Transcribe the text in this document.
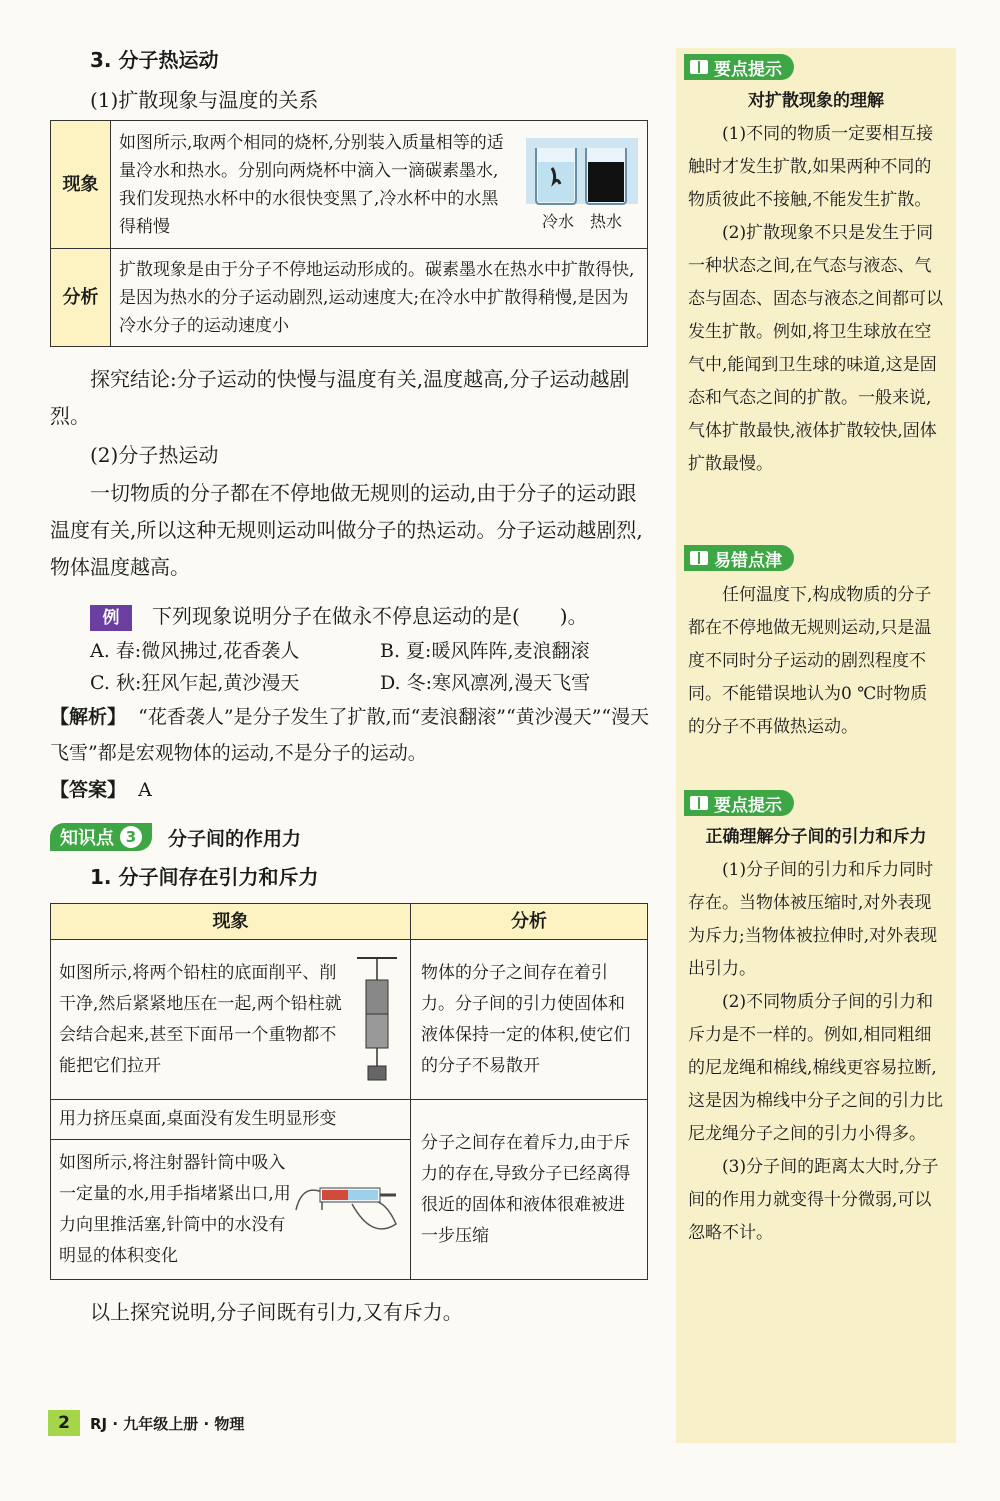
3. 分子热运动
(1)扩散现象与温度的关系
现象	如图所示,取两个相同的烧杯,分别装入质量相等的适量冷水和热水。分别向两烧杯中滴入一滴碳素墨水,我们发现热水杯中的水很快变黑了,冷水杯中的水黑得稍慢 冷水 热水

分析	扩散现象是由于分子不停地运动形成的。碳素墨水在热水中扩散得快,是因为热水的分子运动剧烈,运动速度大;在冷水中扩散得稍慢,是因为冷水分子的运动速度小
探究结论:分子运动的快慢与温度有关,温度越高,分子运动越剧烈。
(2)分子热运动
一切物质的分子都在不停地做无规则的运动,由于分子的运动跟温度有关,所以这种无规则运动叫做分子的热运动。分子运动越剧烈,物体温度越高。
例 下列现象说明分子在做永不停息运动的是(　　)。
A. 春:微风拂过,花香袭人	B. 夏:暖风阵阵,麦浪翻滚
C. 秋:狂风乍起,黄沙漫天	D. 冬:寒风凛冽,漫天飞雪
【解析】 “花香袭人”是分子发生了扩散,而“麦浪翻滚”“黄沙漫天”“漫天飞雪”都是宏观物体的运动,不是分子的运动。
【答案】 A
知识点 3	分子间的作用力
1. 分子间存在引力和斥力
现象	分析

如图所示,将两个铅柱的底面削平、削干净,然后紧紧地压在一起,两个铅柱就会结合起来,甚至下面吊一个重物都不能把它们拉开	物体的分子之间存在着引力。分子间的引力使固体和液体保持一定的体积,使它们的分子不易散开
用力挤压桌面,桌面没有发生明显形变	分子之间存在着斥力,由于斥力的存在,导致分子已经离得很近的固体和液体很难被进一步压缩

如图所示,将注射器针筒中吸入一定量的水,用手指堵紧出口,用力向里推活塞,针筒中的水没有明显的体积变化	
以上探究说明,分子间既有引力,又有斥力。
要点提示
对扩散现象的理解
(1)不同的物质一定要相互接触时才发生扩散,如果两种不同的物质彼此不接触,不能发生扩散。
(2)扩散现象不只是发生于同一种状态之间,在气态与液态、气态与固态、固态与液态之间都可以发生扩散。例如,将卫生球放在空气中,能闻到卫生球的味道,这是固态和气态之间的扩散。一般来说,气体扩散最快,液体扩散较快,固体扩散最慢。
易错点津
任何温度下,构成物质的分子都在不停地做无规则运动,只是温度不同时分子运动的剧烈程度不同。不能错误地认为0 ℃时物质的分子不再做热运动。
要点提示
正确理解分子间的引力和斥力
(1)分子间的引力和斥力同时存在。当物体被压缩时,对外表现为斥力;当物体被拉伸时,对外表现出引力。
(2)不同物质分子间的引力和斥力是不一样的。例如,相同粗细的尼龙绳和棉线,棉线更容易拉断,这是因为棉线中分子之间的引力比尼龙绳分子之间的引力小得多。
(3)分子间的距离太大时,分子间的作用力就变得十分微弱,可以忽略不计。
2	RJ · 九年级上册 · 物理
